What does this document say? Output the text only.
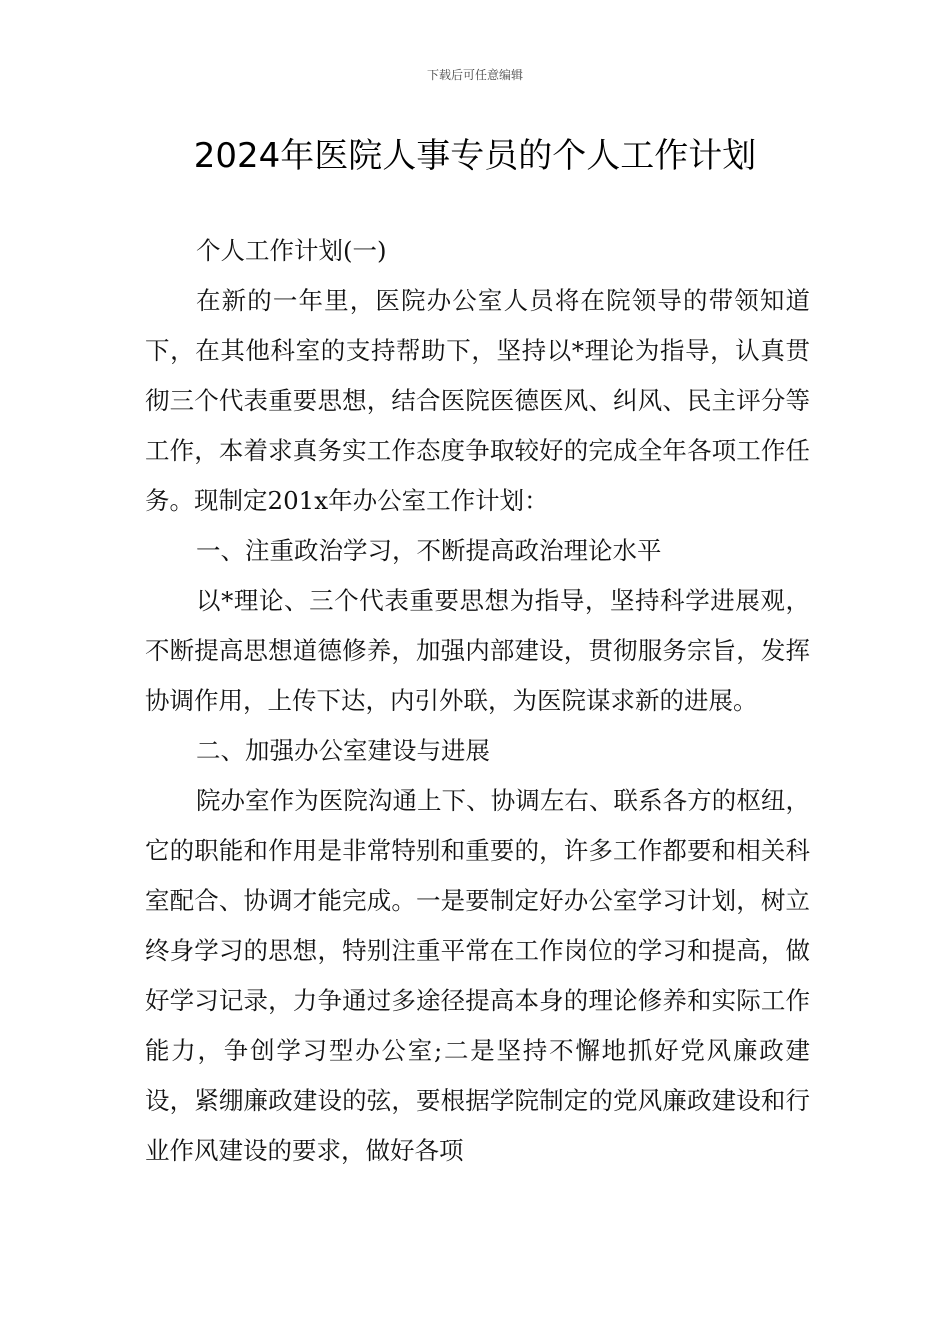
下载后可任意编辑
2024年医院人事专员的个人工作计划

个人工作计划(一)

在新的一年里，医院办公室人员将在院领导的带领知道下，在其他科室的支持帮助下，坚持以*理论为指导，认真贯彻三个代表重要思想，结合医院医德医风、纠风、民主评分等工作，本着求真务实工作态度争取较好的完成全年各项工作任务。现制定201x年办公室工作计划：

一、注重政治学习，不断提高政治理论水平

以*理论、三个代表重要思想为指导，坚持科学进展观，不断提高思想道德修养，加强内部建设，贯彻服务宗旨，发挥协调作用，上传下达，内引外联，为医院谋求新的进展。

二、加强办公室建设与进展

院办室作为医院沟通上下、协调左右、联系各方的枢纽，它的职能和作用是非常特别和重要的，许多工作都要和相关科室配合、协调才能完成。一是要制定好办公室学习计划，树立终身学习的思想，特别注重平常在工作岗位的学习和提高，做好学习记录，力争通过多途径提高本身的理论修养和实际工作能力，争创学习型办公室;二是坚持不懈地抓好党风廉政建设，紧绷廉政建设的弦，要根据学院制定的党风廉政建设和行业作风建设的要求，做好各项
